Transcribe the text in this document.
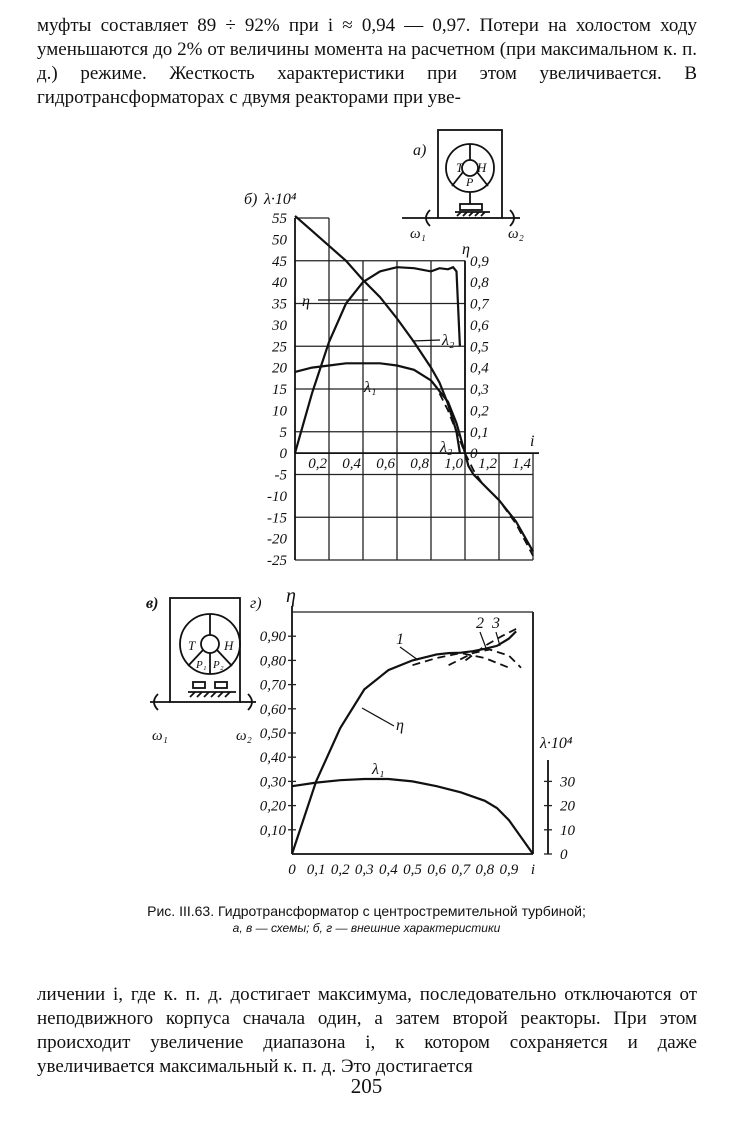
муфты составляет 89 ÷ 92% при i ≈ 0,94 — 0,97. Потери на холостом ходу уменьшаются до 2% от величины момента на расчетном (при максимальном к. п. д.) режиме. Жесткость характеристики при этом увеличивается. В гидротрансформаторах с двумя реакторами при уве-

а)
Т Н
Р
ω₁	ω₂
б) λ·10⁴
η
i
55
50
45
40
35
30
25
20
15
10
5
0
-5
-10
-15
-20
-25
0,9
0,8
0,7
0,6
0,5
0,4
0,3
0,2
0,1
0
0,2 0,4 0,6 0,8 1,0 1,2 1,4
η
λ₂
λ₁
λ₂
в)
Т Н
Р₁ Р₂
ω₁	ω₂
г) η
λ·10⁴
0,90
0,80
0,70
0,60
0,50
0,40
0,30
0,20
0,10
30
20
10
0
0 0,1 0,2 0,3 0,4 0,5 0,6 0,7 0,8 0,9 i
1
2 3
η
λ₁
Рис. III.63. Гидротрансформатор с центростремительной турбиной;
а, в — схемы; б, г — внешние характеристики

личении i, где к. п. д. достигает максимума, последовательно отключаются от неподвижного корпуса сначала один, а затем второй реакторы. При этом происходит увеличение диапазона i, к котором сохраняется и даже увеличивается максимальный к. п. д. Это достигается

205
